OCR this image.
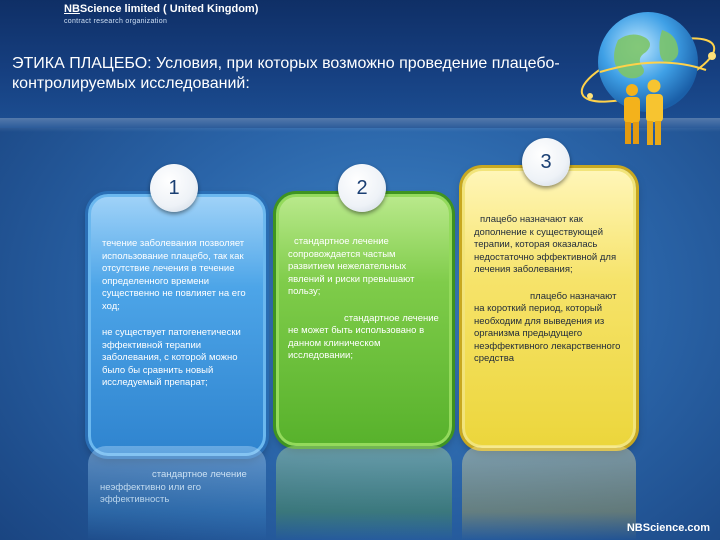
NBScience limited ( United Kingdom)
contract research organization
ЭТИКА ПЛАЦЕБО: Условия, при которых возможно проведение плацебо-контролируемых исследований:
1

течение заболевания позволяет использование плацебо, так как отсутствие лечения в течение определенного времени существенно не повлияет на его ход;

не существует патогенетически эффективной терапии заболевания, с которой можно было бы сравнить новый исследуемый препарат;

стандартное лечение неэффективно или его эффективность
2

стандартное лечение сопровождается частым развитием нежелательных явлений и риски превышают пользу;

стандартное лечение не может быть использовано в данном клиническом исследовании;

3

плацебо назначают как дополнение к существующей терапии, которая оказалась недостаточно эффективной для лечения заболевания;

плацебо назначают на короткий период, который необходим для выведения из организма предыдущего неэффективного лекарственного средства

NBScience.com
